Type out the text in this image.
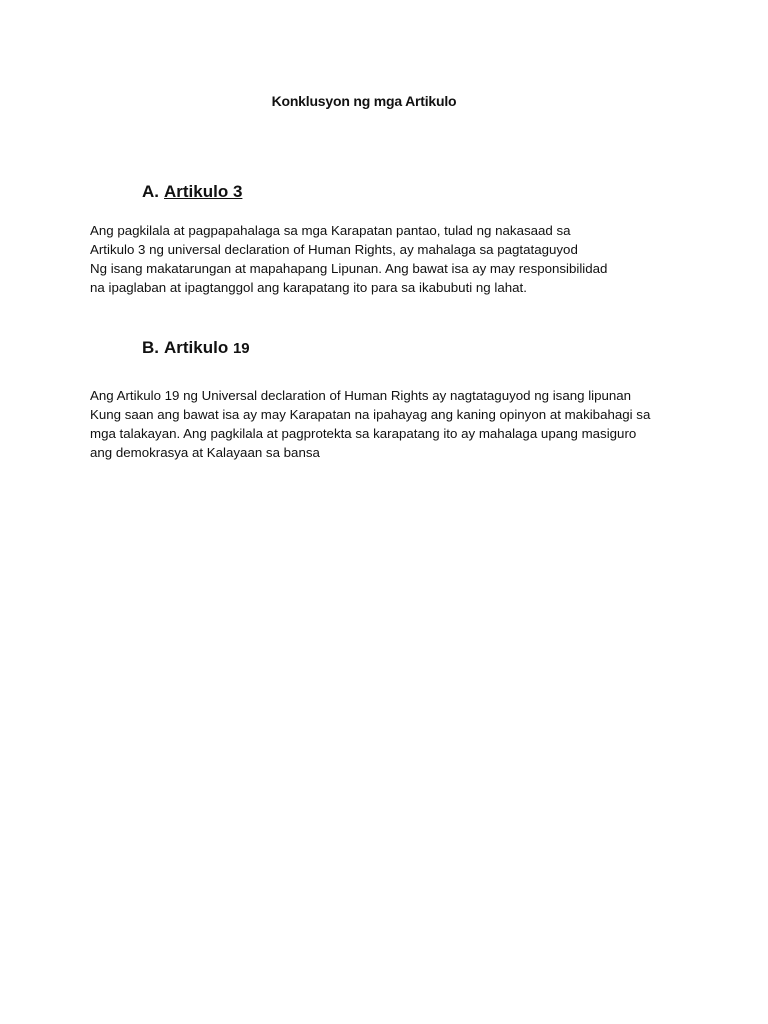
Konklusyon ng mga Artikulo
A. Artikulo 3
Ang pagkilala at pagpapahalaga sa mga Karapatan pantao, tulad ng nakasaad sa
Artikulo 3 ng universal declaration of Human Rights, ay mahalaga sa pagtataguyod
Ng isang makatarungan at mapahapang Lipunan. Ang bawat isa ay may responsibilidad
na ipaglaban at ipagtanggol ang karapatang ito para sa ikabubuti ng lahat.
B. Artikulo 19
Ang Artikulo 19 ng Universal declaration of Human Rights ay nagtataguyod ng isang lipunan
Kung saan ang bawat isa ay may Karapatan na ipahayag ang kaning opinyon at makibahagi sa
mga talakayan. Ang pagkilala at pagprotekta sa karapatang ito ay mahalaga upang masiguro
ang demokrasya at Kalayaan sa bansa
